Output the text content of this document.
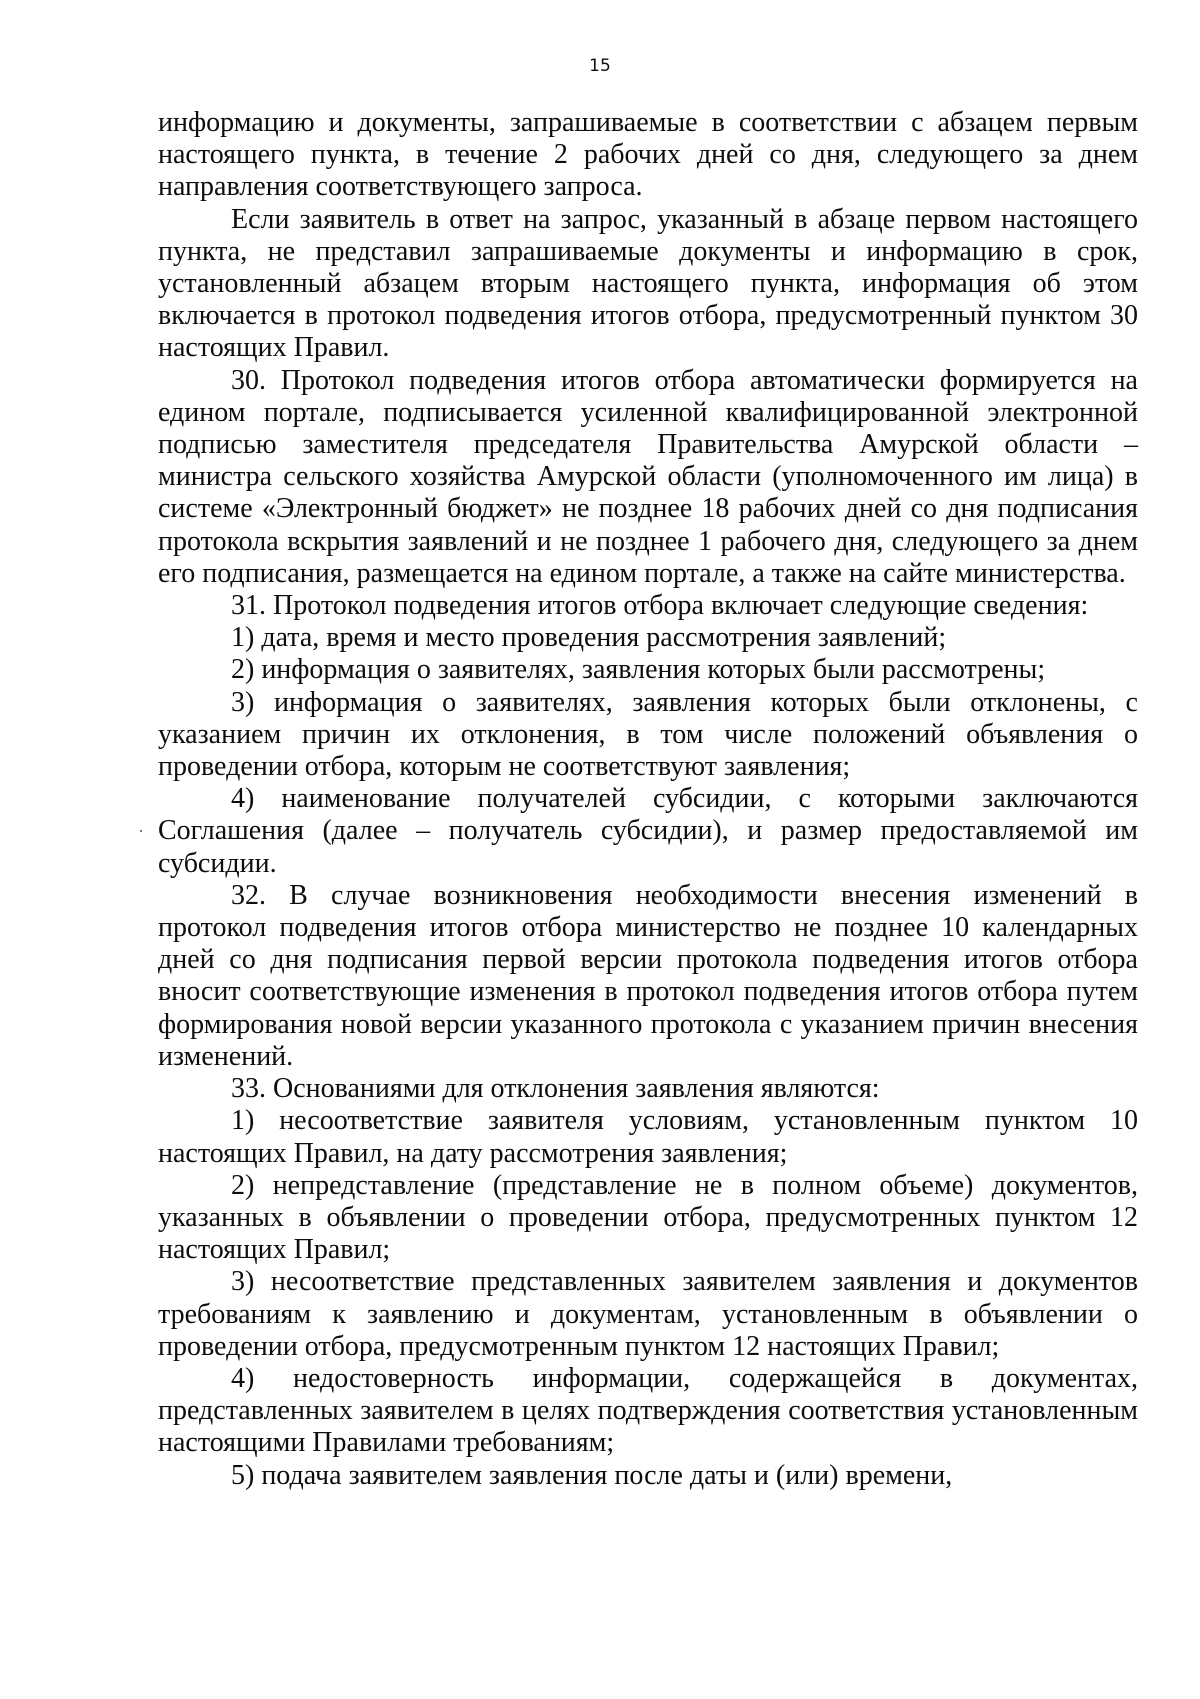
15

информацию и документы, запрашиваемые в соответствии с абзацем первым настоящего пункта, в течение 2 рабочих дней со дня, следующего за днем направления соответствующего запроса.

Если заявитель в ответ на запрос, указанный в абзаце первом настоящего пункта, не представил запрашиваемые документы и информацию в срок, установленный абзацем вторым настоящего пункта, информация об этом включается в протокол подведения итогов отбора, предусмотренный пунктом 30 настоящих Правил.

30. Протокол подведения итогов отбора автоматически формируется на едином портале, подписывается усиленной квалифицированной электронной подписью заместителя председателя Правительства Амурской области – министра сельского хозяйства Амурской области (уполномоченного им лица) в системе «Электронный бюджет» не позднее 18 рабочих дней со дня подписания протокола вскрытия заявлений и не позднее 1 рабочего дня, следующего за днем его подписания, размещается на едином портале, а также на сайте министерства.

31. Протокол подведения итогов отбора включает следующие сведения:

1) дата, время и место проведения рассмотрения заявлений;

2) информация о заявителях, заявления которых были рассмотрены;

3) информация о заявителях, заявления которых были отклонены, с указанием причин их отклонения, в том числе положений объявления о проведении отбора, которым не соответствуют заявления;

4) наименование получателей субсидии, с которыми заключаются Соглашения (далее – получатель субсидии), и размер предоставляемой им субсидии.

32. В случае возникновения необходимости внесения изменений в протокол подведения итогов отбора министерство не позднее 10 календарных дней со дня подписания первой версии протокола подведения итогов отбора вносит соответствующие изменения в протокол подведения итогов отбора путем формирования новой версии указанного протокола с указанием причин внесения изменений.

33. Основаниями для отклонения заявления являются:

1) несоответствие заявителя условиям, установленным пунктом 10 настоящих Правил, на дату рассмотрения заявления;

2) непредставление (представление не в полном объеме) документов, указанных в объявлении о проведении отбора, предусмотренных пунктом 12 настоящих Правил;

3) несоответствие представленных заявителем заявления и документов требованиям к заявлению и документам, установленным в объявлении о проведении отбора, предусмотренным пунктом 12 настоящих Правил;

4) недостоверность информации, содержащейся в документах, представленных заявителем в целях подтверждения соответствия установленным настоящими Правилами требованиям;

5) подача заявителем заявления после даты и (или) времени,
